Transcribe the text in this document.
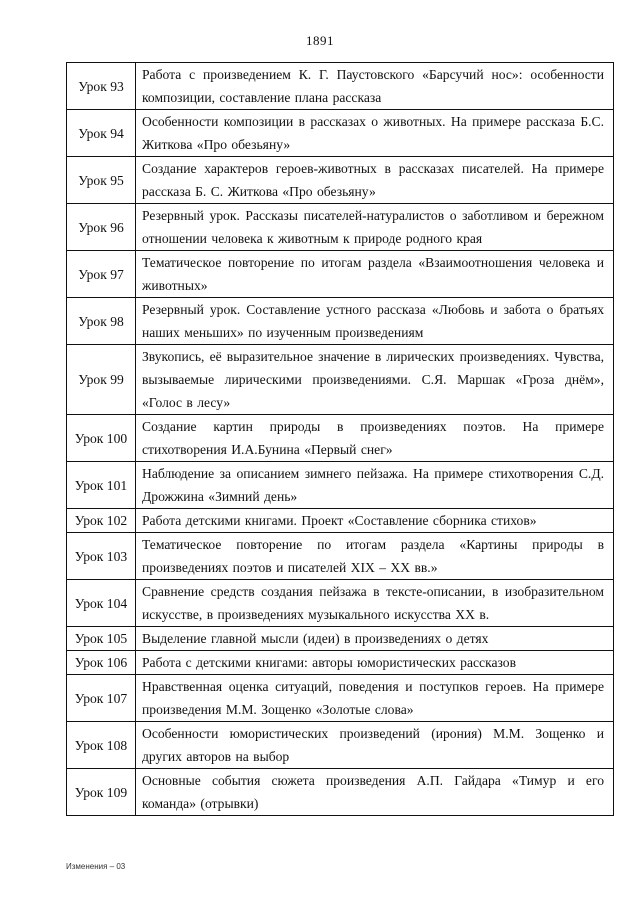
1891
Урок 93	Работа с произведением К. Г. Паустовского «Барсучий нос»: особенности композиции, составление плана рассказа
Урок 94	Особенности композиции в рассказах о животных. На примере рассказа Б.С. Житкова «Про обезьяну»
Урок 95	Создание характеров героев-животных в рассказах писателей. На примере рассказа Б. С. Житкова «Про обезьяну»
Урок 96	Резервный урок. Рассказы писателей-натуралистов о заботливом и бережном отношении человека к животным к природе родного края
Урок 97	Тематическое повторение по итогам раздела «Взаимоотношения человека и животных»
Урок 98	Резервный урок. Составление устного рассказа «Любовь и забота о братьях наших меньших» по изученным произведениям
Урок 99	Звукопись, её выразительное значение в лирических произведениях. Чувства, вызываемые лирическими произведениями. С.Я. Маршак «Гроза днём», «Голос в лесу»
Урок 100	Создание картин природы в произведениях поэтов. На примере стихотворения И.А.Бунина «Первый снег»
Урок 101	Наблюдение за описанием зимнего пейзажа. На примере стихотворения С.Д. Дрожжина «Зимний день»
Урок 102	Работа детскими книгами. Проект «Составление сборника стихов»
Урок 103	Тематическое повторение по итогам раздела «Картины природы в произведениях поэтов и писателей XIX – XX вв.»
Урок 104	Сравнение средств создания пейзажа в тексте-описании, в изобразительном искусстве, в произведениях музыкального искусства XX в.
Урок 105	Выделение главной мысли (идеи) в произведениях о детях
Урок 106	Работа с детскими книгами: авторы юмористических рассказов
Урок 107	Нравственная оценка ситуаций, поведения и поступков героев. На примере произведения М.М. Зощенко «Золотые слова»
Урок 108	Особенности юмористических произведений (ирония) М.М. Зощенко и других авторов на выбор
Урок 109	Основные события сюжета произведения А.П. Гайдара «Тимур и его команда» (отрывки)
Изменения – 03
